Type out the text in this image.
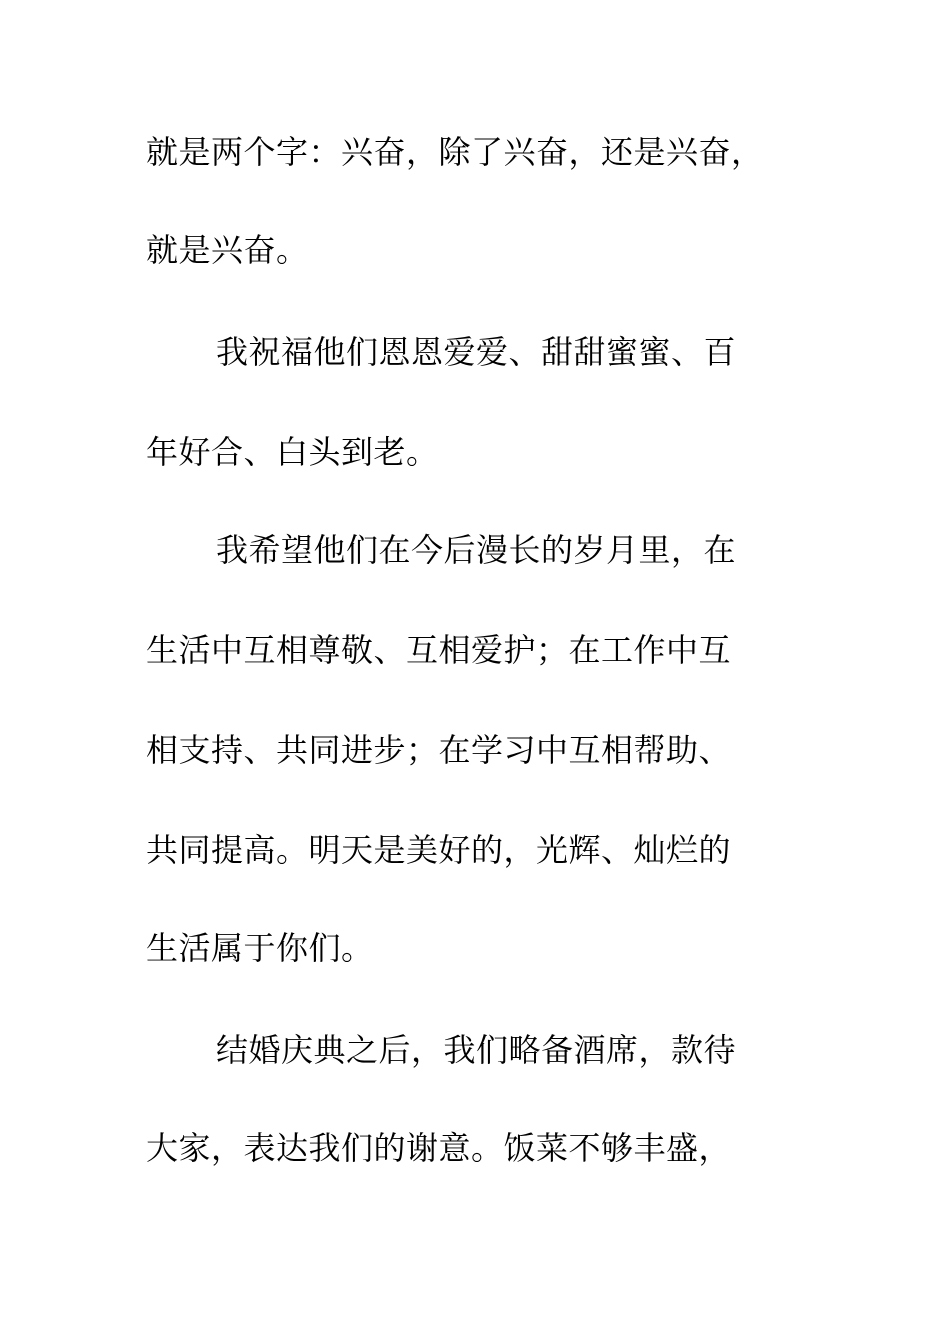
就是两个字：兴奋，除了兴奋，还是兴奋，
就是兴奋。
我祝福他们恩恩爱爱、甜甜蜜蜜、百
年好合、白头到老。
我希望他们在今后漫长的岁月里，在
生活中互相尊敬、互相爱护；在工作中互
相支持、共同进步；在学习中互相帮助、
共同提高。明天是美好的，光辉、灿烂的
生活属于你们。
结婚庆典之后，我们略备酒席，款待
大家，表达我们的谢意。饭菜不够丰盛，
